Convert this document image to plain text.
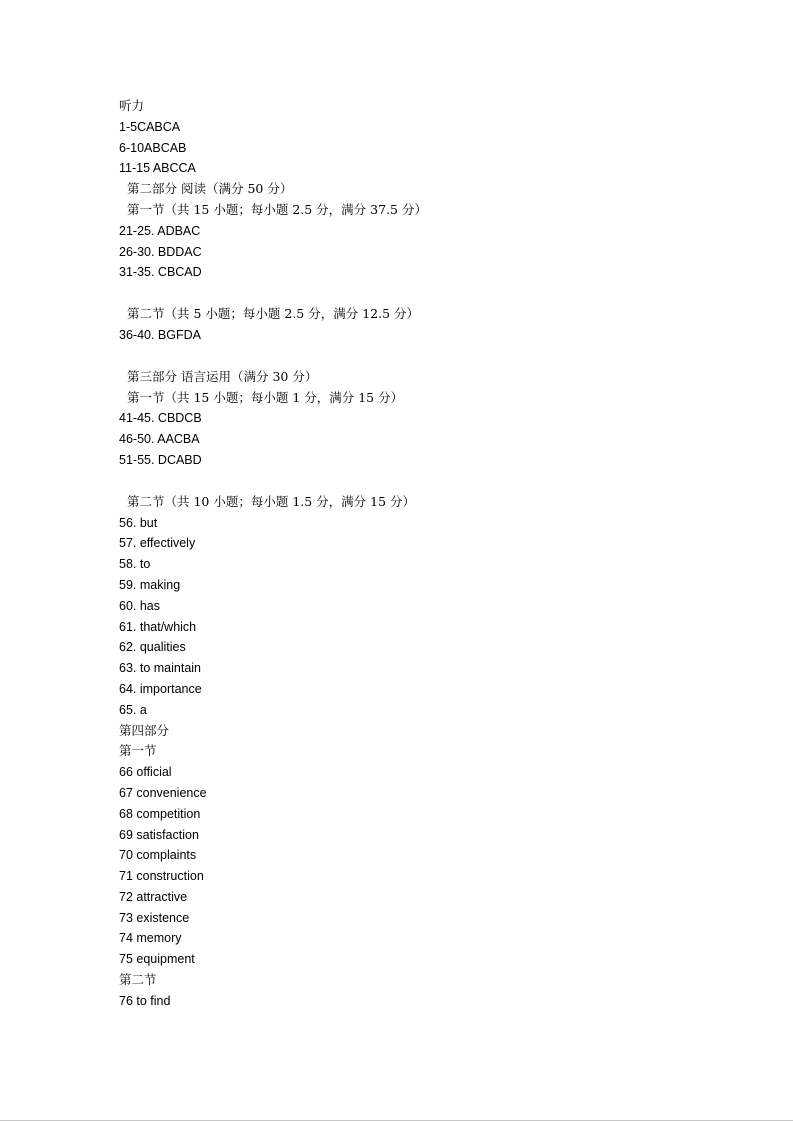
听力
1-5CABCA
6-10ABCAB
11-15 ABCCA
第二部分 阅读（满分 50 分）
第一节（共 15 小题；每小题 2.5 分，满分 37.5 分）
21-25. ADBAC
26-30. BDDAC
31-35. CBCAD
第二节（共 5 小题；每小题 2.5 分，满分 12.5 分）
36-40. BGFDA
第三部分 语言运用（满分 30 分）
第一节（共 15 小题；每小题 1 分，满分 15 分）
41-45. CBDCB
46-50. AACBA
51-55. DCABD
第二节（共 10 小题；每小题 1.5 分，满分 15 分）
56. but
57. effectively
58. to
59. making
60. has
61. that/which
62. qualities
63. to maintain
64. importance
65. a
第四部分
第一节
66 official
67 convenience
68 competition
69 satisfaction
70 complaints
71 construction
72 attractive
73 existence
74 memory
75 equipment
第二节
76 to find
